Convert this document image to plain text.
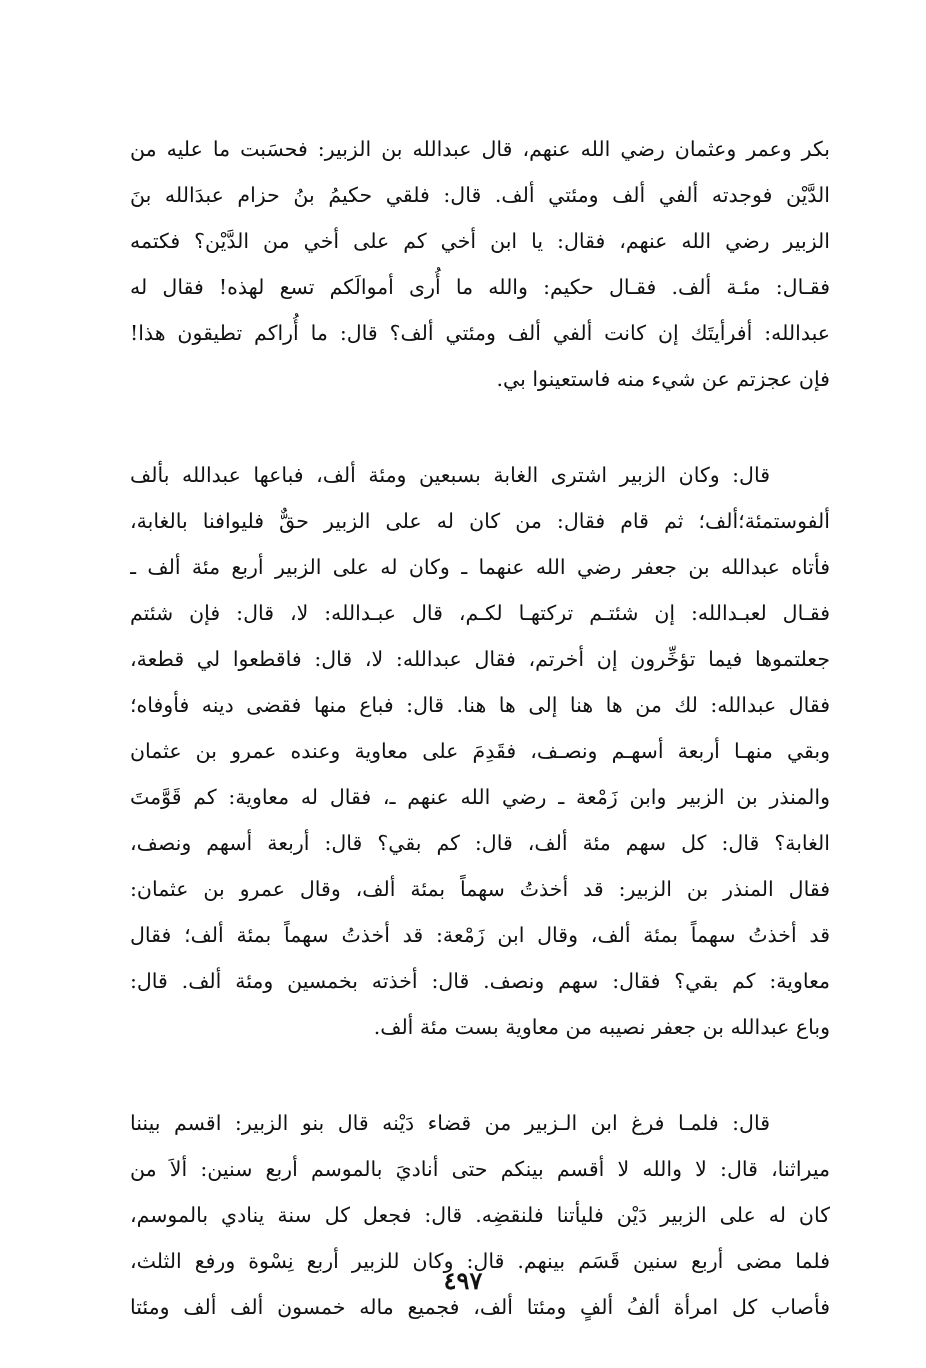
بكر وعمر وعثمان رضي الله عنهم، قال عبدالله بن الزبير: فحسَبت ما عليه من

الدَّيْن فوجدته ألفي ألف ومئتي ألف. قال: فلقي حكيمُ بنُ حزام عبدَالله بنَ

الزبير رضي الله عنهم، فقال: يا ابن أخي كم على أخي من الدَّيْن؟ فكتمه

فقـال: مئـة ألف. فقـال حكيم: والله ما أُرى أموالَكم تسع لهذه! فقال له

عبدالله: أفرأيتَك إن كانت ألفي ألف ومئتي ألف؟ قال: ما أُراكم تطيقون هذا!

فإن عجزتم عن شيء منه فاستعينوا بي.

قال: وكان الزبير اشترى الغابة بسبعين ومئة ألف، فباعها عبدالله بألف

ألفوستمئة؛ألف؛ ثم قام فقال: من كان له على الزبير حقٌّ فليوافنا بالغابة،

فأتاه عبدالله بن جعفر رضي الله عنهما ـ وكان له على الزبير أربع مئة ألف ـ

فقـال لعبـدالله: إن شئتـم تركتهـا لكـم، قال عبـدالله: لا، قال: فإن شئتم

جعلتموها فيما تؤخِّرون إن أخرتم، فقال عبدالله: لا، قال: فاقطعوا لي قطعة،

فقال عبدالله: لك من ها هنا إلى ها هنا. قال: فباع منها فقضى دينه فأوفاه؛

وبقي منهـا أربعة أسهـم ونصـف، فقَدِمَ على معاوية وعنده عمرو بن عثمان

والمنذر بن الزبير وابن زَمْعة ـ رضي الله عنهم ـ، فقال له معاوية: كم قَوَّمتَ

الغابة؟ قال: كل سهم مئة ألف، قال: كم بقي؟ قال: أربعة أسهم ونصف،

فقال المنذر بن الزبير: قد أخذتُ سهماً بمئة ألف، وقال عمرو بن عثمان:

قد أخذتُ سهماً بمئة ألف، وقال ابن زَمْعة: قد أخذتُ سهماً بمئة ألف؛ فقال

معاوية: كم بقي؟ فقال: سهم ونصف. قال: أخذته بخمسين ومئة ألف. قال:

وباع عبدالله بن جعفر نصيبه من معاوية بست مئة ألف.

قال: فلمـا فرغ ابن الـزبير من قضاء دَيْنه قال بنو الزبير: اقسم بيننا

ميراثنا، قال: لا والله لا أقسم بينكم حتى أناديَ بالموسم أربع سنين: ألاَ من

كان له على الزبير دَيْن فليأتنا فلنقضِه. قال: فجعل كل سنة ينادي بالموسم،

فلما مضى أربع سنين قَسَم بينهم. قال: وكان للزبير أربع نِسْوة ورفع الثلث،

فأصاب كل امرأة ألفُ ألفٍ ومئتا ألف، فجميع ماله خمسون ألف ألف ومئتا

٤٩٧
